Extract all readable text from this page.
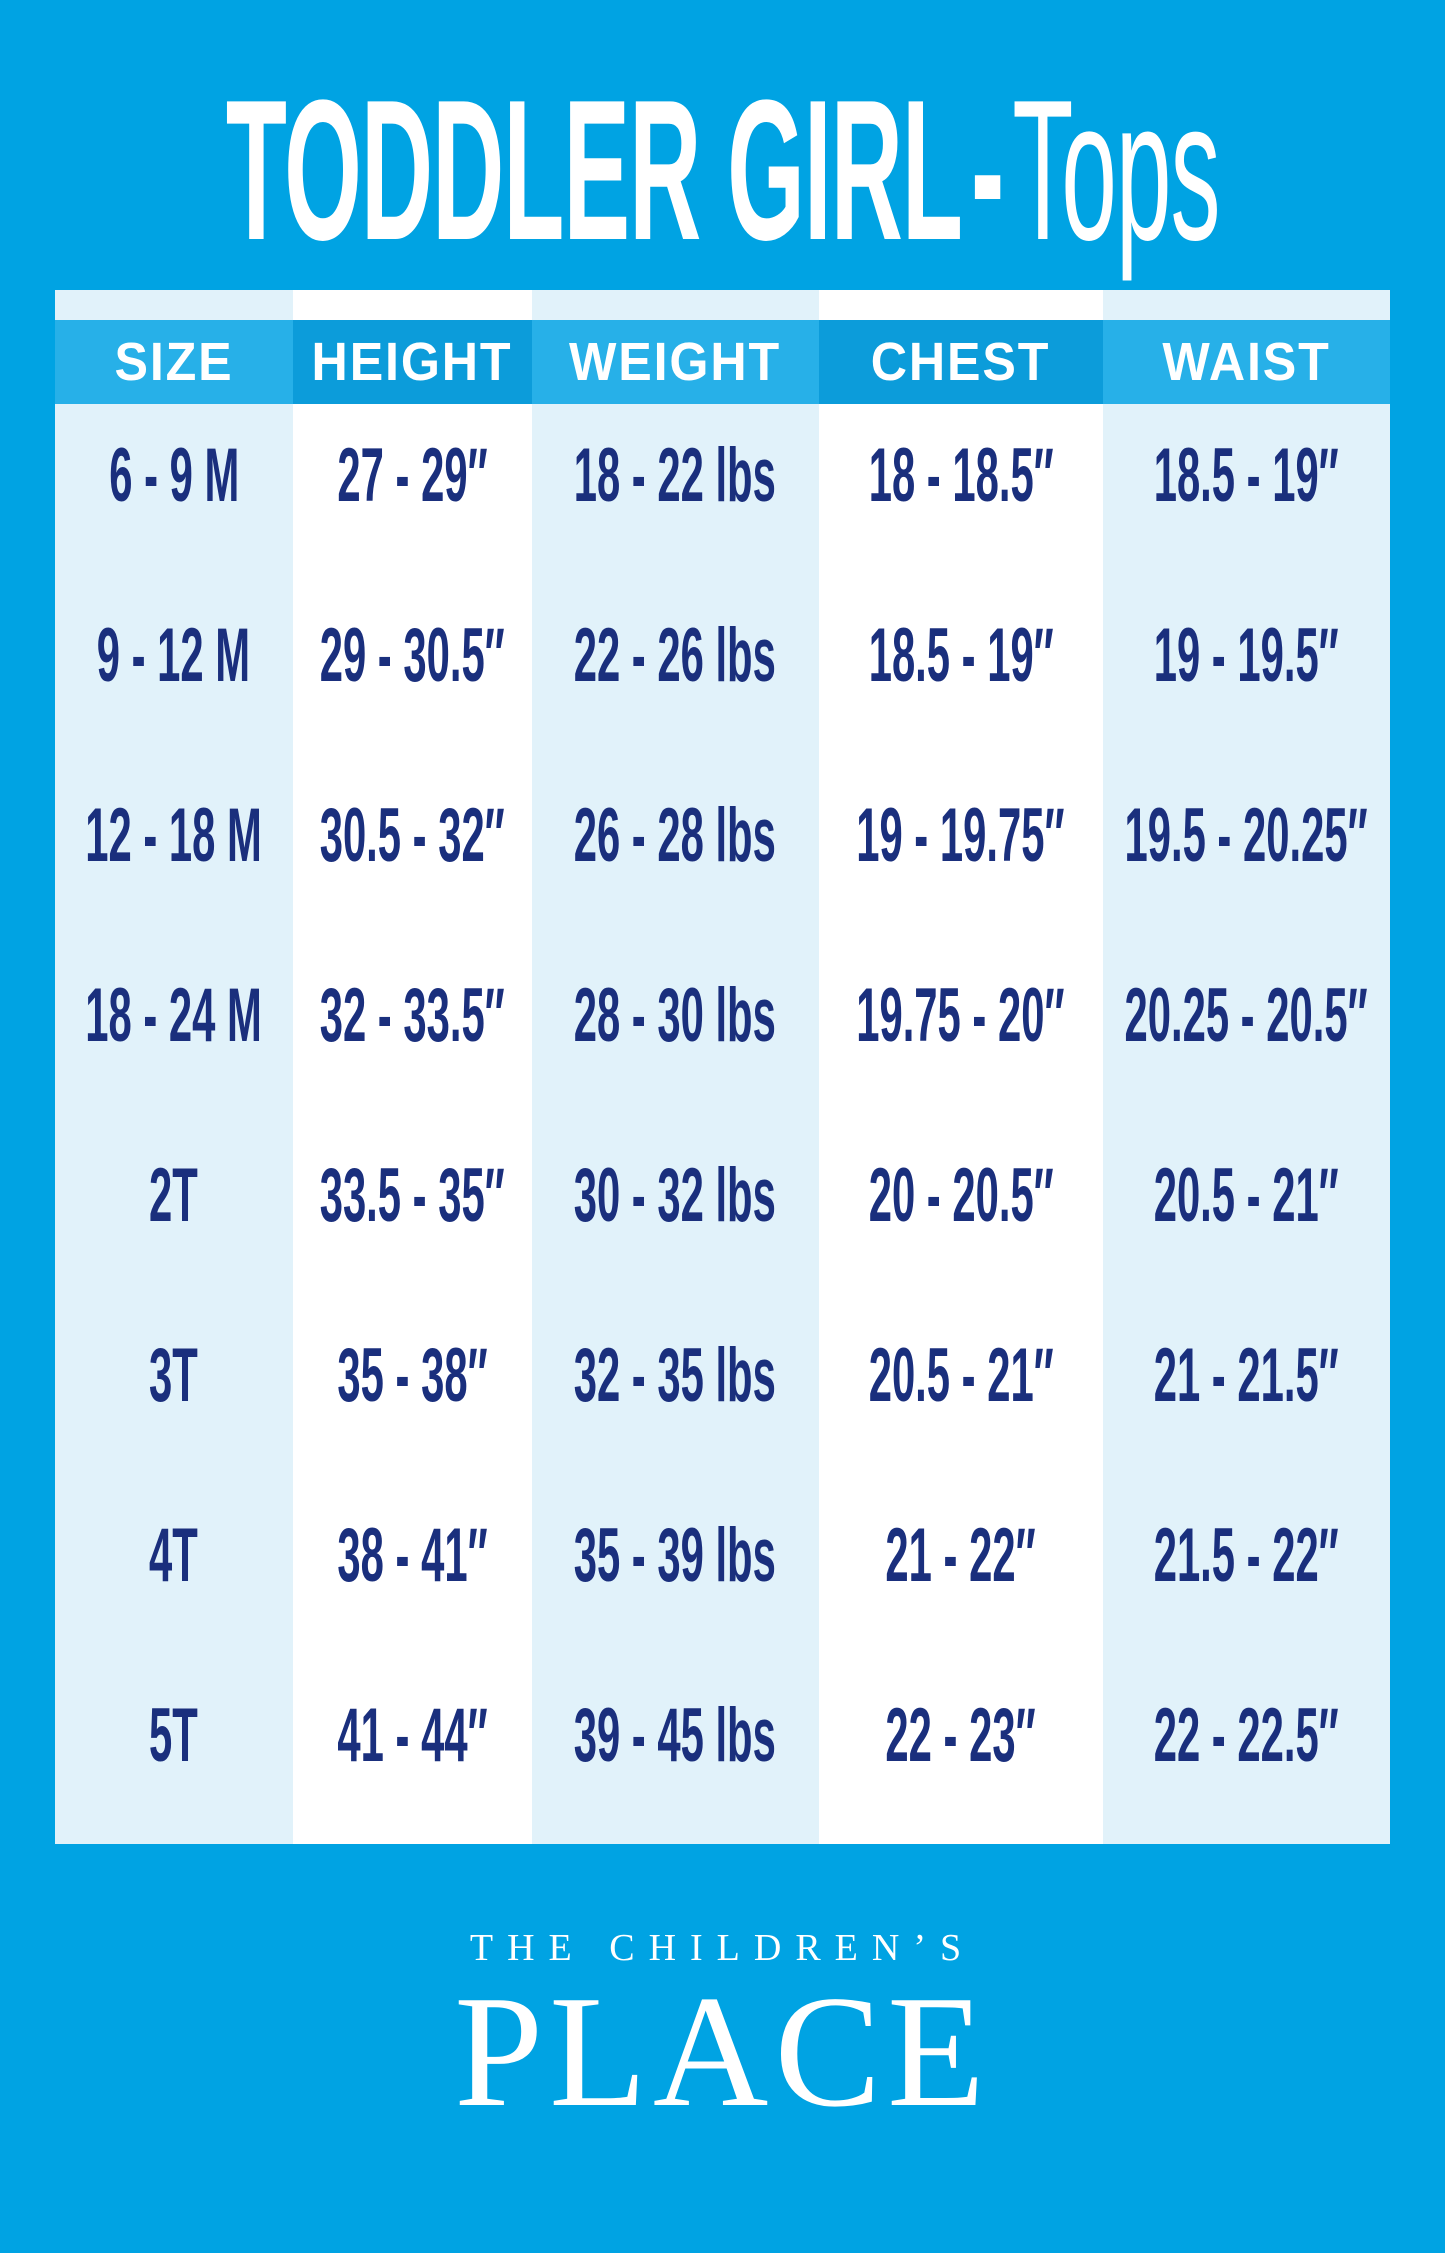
TODDLER GIRL-Tops
SIZE HEIGHT WEIGHT CHEST WAIST
6 - 9 M 27 - 29″ 18 - 22 lbs 18 - 18.5″ 18.5 - 19″
9 - 12 M 29 - 30.5″ 22 - 26 lbs 18.5 - 19″ 19 - 19.5″
12 - 18 M 30.5 - 32″ 26 - 28 lbs 19 - 19.75″ 19.5 - 20.25″
18 - 24 M 32 - 33.5″ 28 - 30 lbs 19.75 - 20″ 20.25 - 20.5″
2T 33.5 - 35″ 30 - 32 lbs 20 - 20.5″ 20.5 - 21″
3T 35 - 38″ 32 - 35 lbs 20.5 - 21″ 21 - 21.5″
4T 38 - 41″ 35 - 39 lbs 21 - 22″ 21.5 - 22″
5T 41 - 44″ 39 - 45 lbs 22 - 23″ 22 - 22.5″
THE CHILDREN’S
PLACE
